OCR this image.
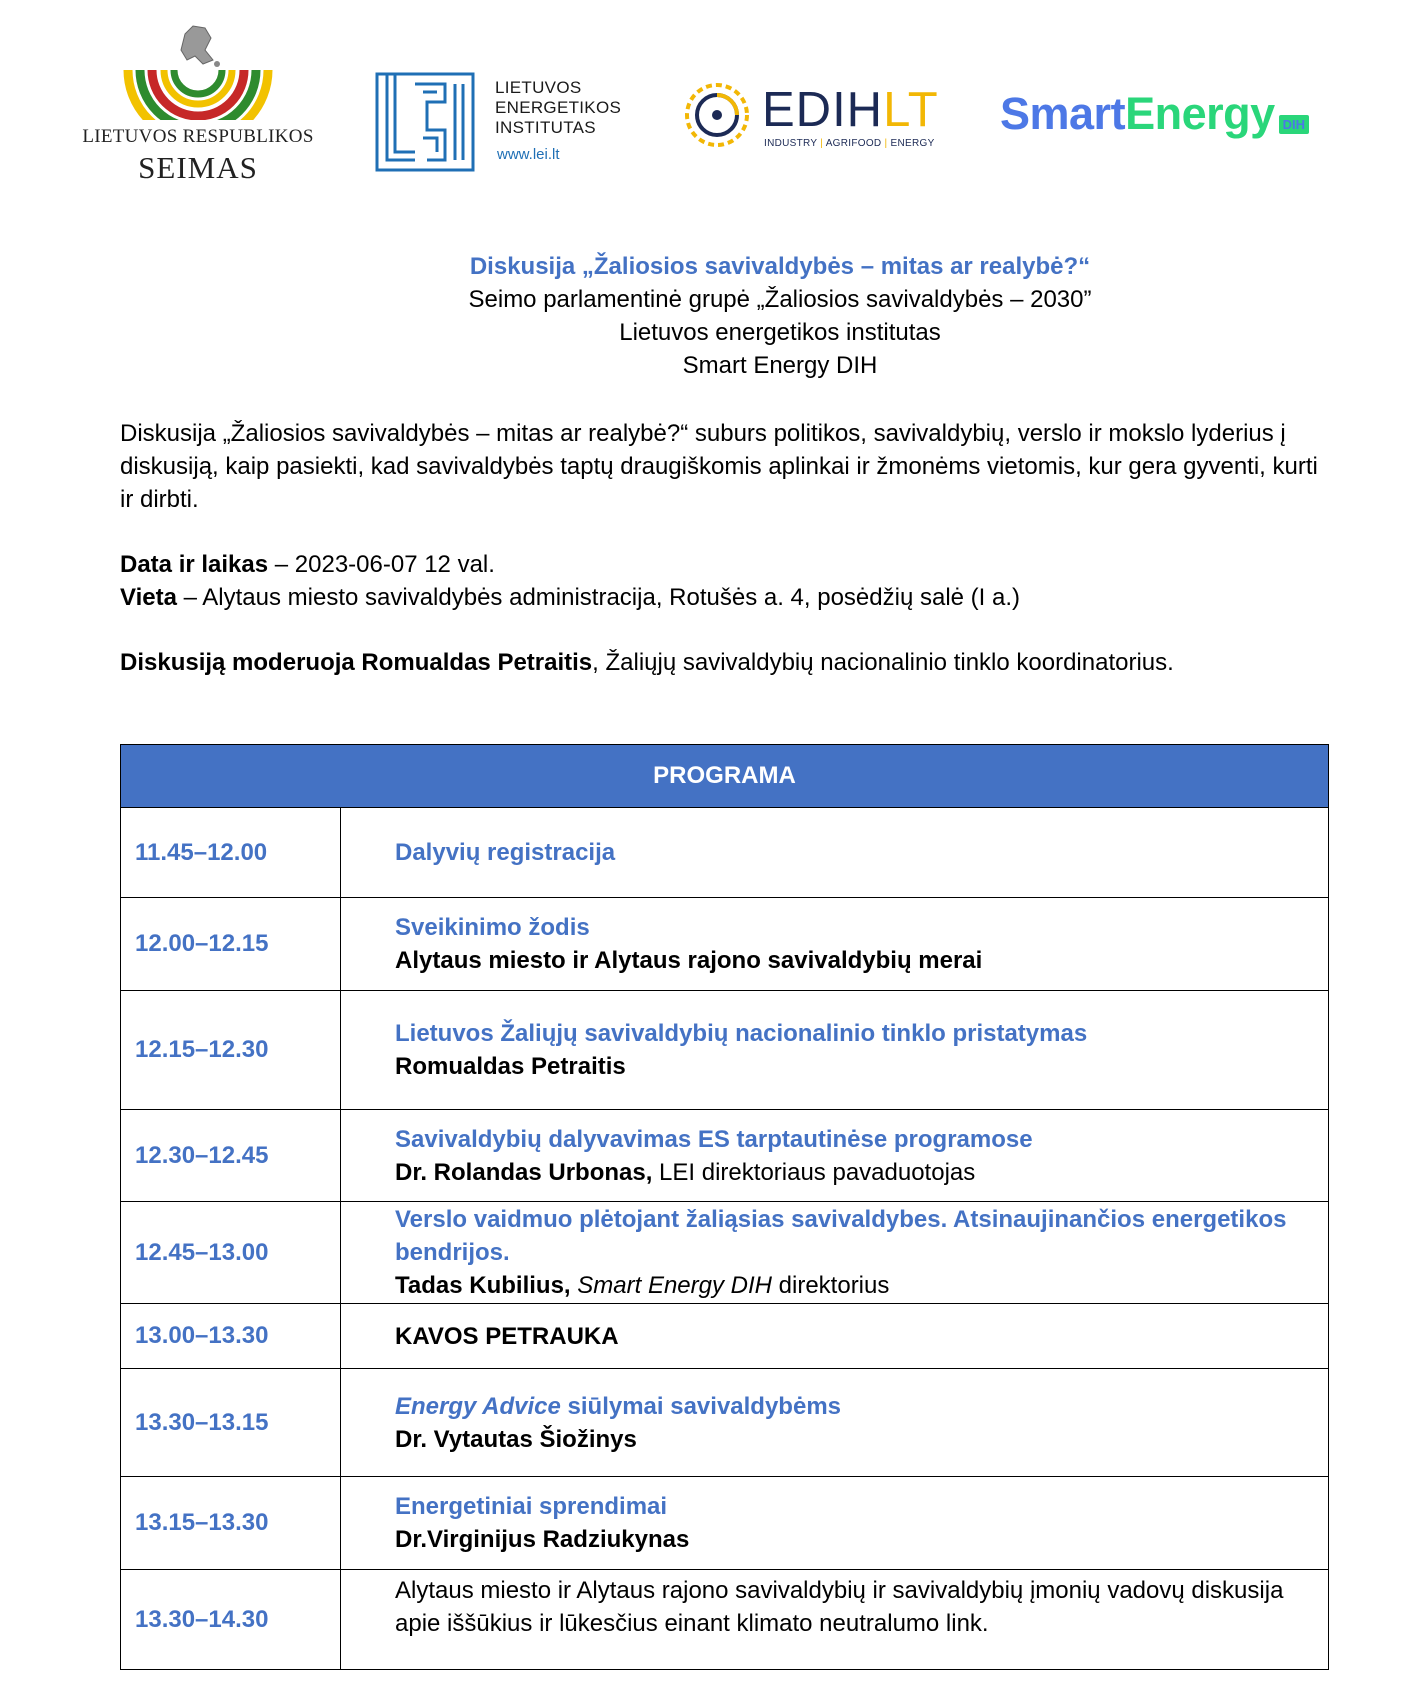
LIETUVOS RESPUBLIKOS
SEIMAS
LIETUVOS
ENERGETIKOS
INSTITUTAS
www.lei.lt
EDIHLT
INDUSTRY | AGRIFOOD | ENERGY
SmartEnergy DIH
Diskusija „Žaliosios savivaldybės – mitas ar realybė?“
Seimo parlamentinė grupė „Žaliosios savivaldybės – 2030”
Lietuvos energetikos institutas
Smart Energy DIH
Diskusija „Žaliosios savivaldybės – mitas ar realybė?“ suburs politikos, savivaldybių, verslo ir mokslo lyderius į diskusiją, kaip pasiekti, kad savivaldybės taptų draugiškomis aplinkai ir žmonėms vietomis, kur gera gyventi, kurti ir dirbti.
Data ir laikas – 2023-06-07 12 val.
Vieta – Alytaus miesto savivaldybės administracija, Rotušės a. 4, posėdžių salė (I a.)
Diskusiją moderuoja Romualdas Petraitis, Žaliųjų savivaldybių nacionalinio tinklo koordinatorius.
PROGRAMA	
11.45–12.00	Dalyvių registracija

12.00–12.15	Sveikinimo žodis
Alytaus miesto ir Alytaus rajono savivaldybių merai

12.15–12.30	Lietuvos Žaliųjų savivaldybių nacionalinio tinklo pristatymas
Romualdas Petraitis

12.30–12.45	Savivaldybių dalyvavimas ES tarptautinėse programose
Dr. Rolandas Urbonas, LEI direktoriaus pavaduotojas

12.45–13.00	Verslo vaidmuo plėtojant žaliąsias savivaldybes. Atsinaujinančios energetikos bendrijos.
Tadas Kubilius, Smart Energy DIH direktorius

13.00–13.30	KAVOS PETRAUKA

13.30–13.15	Energy Advice siūlymai savivaldybėms
Dr. Vytautas Šiožinys

13.15–13.30	Energetiniai sprendimai
Dr.Virginijus Radziukynas

13.30–14.30	Alytaus miesto ir Alytaus rajono savivaldybių ir savivaldybių įmonių vadovų diskusija apie iššūkius ir lūkesčius einant klimato neutralumo link.
